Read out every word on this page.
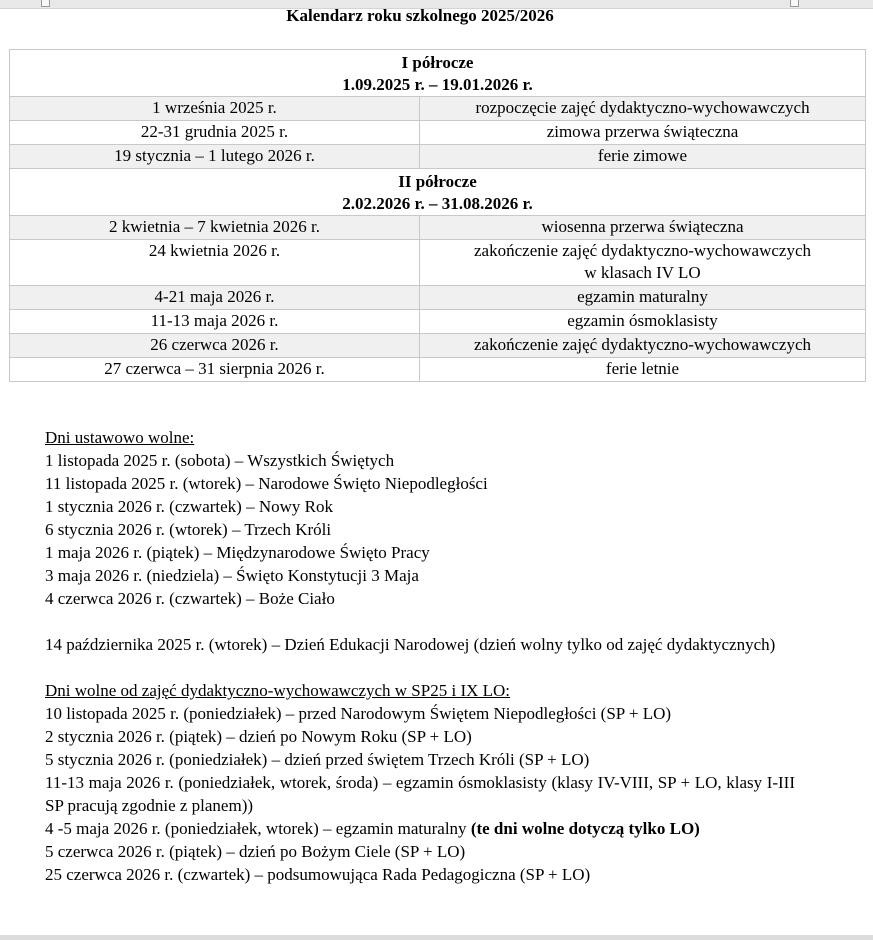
Kalendarz roku szkolnego 2025/2026
I półrocze
1.09.2025 r. – 19.01.2026 r.	

1 września 2025 r.	rozpoczęcie zajęć dydaktyczno-wychowawczych
22-31 grudnia 2025 r.	zimowa przerwa świąteczna
19 stycznia – 1 lutego 2026 r.	ferie zimowe

II półrocze
2.02.2026 r. – 31.08.2026 r.	

2 kwietnia – 7 kwietnia 2026 r.	wiosenna przerwa świąteczna
24 kwietnia 2026 r.	zakończenie zajęć dydaktyczno-wychowawczych
w klasach IV LO

4-21 maja 2026 r.	egzamin maturalny
11-13 maja 2026 r.	egzamin ósmoklasisty
26 czerwca 2026 r.	zakończenie zajęć dydaktyczno-wychowawczych
27 czerwca – 31 sierpnia 2026 r.	ferie letnie
Dni ustawowo wolne:
1 listopada 2025 r. (sobota) – Wszystkich Świętych
11 listopada 2025 r. (wtorek) – Narodowe Święto Niepodległości
1 stycznia 2026 r. (czwartek) – Nowy Rok
6 stycznia 2026 r. (wtorek) – Trzech Króli
1 maja 2026 r. (piątek) – Międzynarodowe Święto Pracy
3 maja 2026 r. (niedziela) – Święto Konstytucji 3 Maja
4 czerwca 2026 r. (czwartek) – Boże Ciało
14 października 2025 r. (wtorek) – Dzień Edukacji Narodowej (dzień wolny tylko od zajęć dydaktycznych)
Dni wolne od zajęć dydaktyczno-wychowawczych w SP25 i IX LO:
10 listopada 2025 r. (poniedziałek) – przed Narodowym Świętem Niepodległości (SP + LO)
2 stycznia 2026 r. (piątek) – dzień po Nowym Roku (SP + LO)
5 stycznia 2026 r. (poniedziałek) – dzień przed świętem Trzech Króli (SP + LO)
11-13 maja 2026 r. (poniedziałek, wtorek, środa) – egzamin ósmoklasisty (klasy IV-VIII, SP + LO, klasy I-III SP pracują zgodnie z planem))
4 -5 maja 2026 r. (poniedziałek, wtorek) – egzamin maturalny (te dni wolne dotyczą tylko LO)
5 czerwca 2026 r. (piątek) – dzień po Bożym Ciele (SP + LO)
25 czerwca 2026 r. (czwartek) – podsumowująca Rada Pedagogiczna (SP + LO)
